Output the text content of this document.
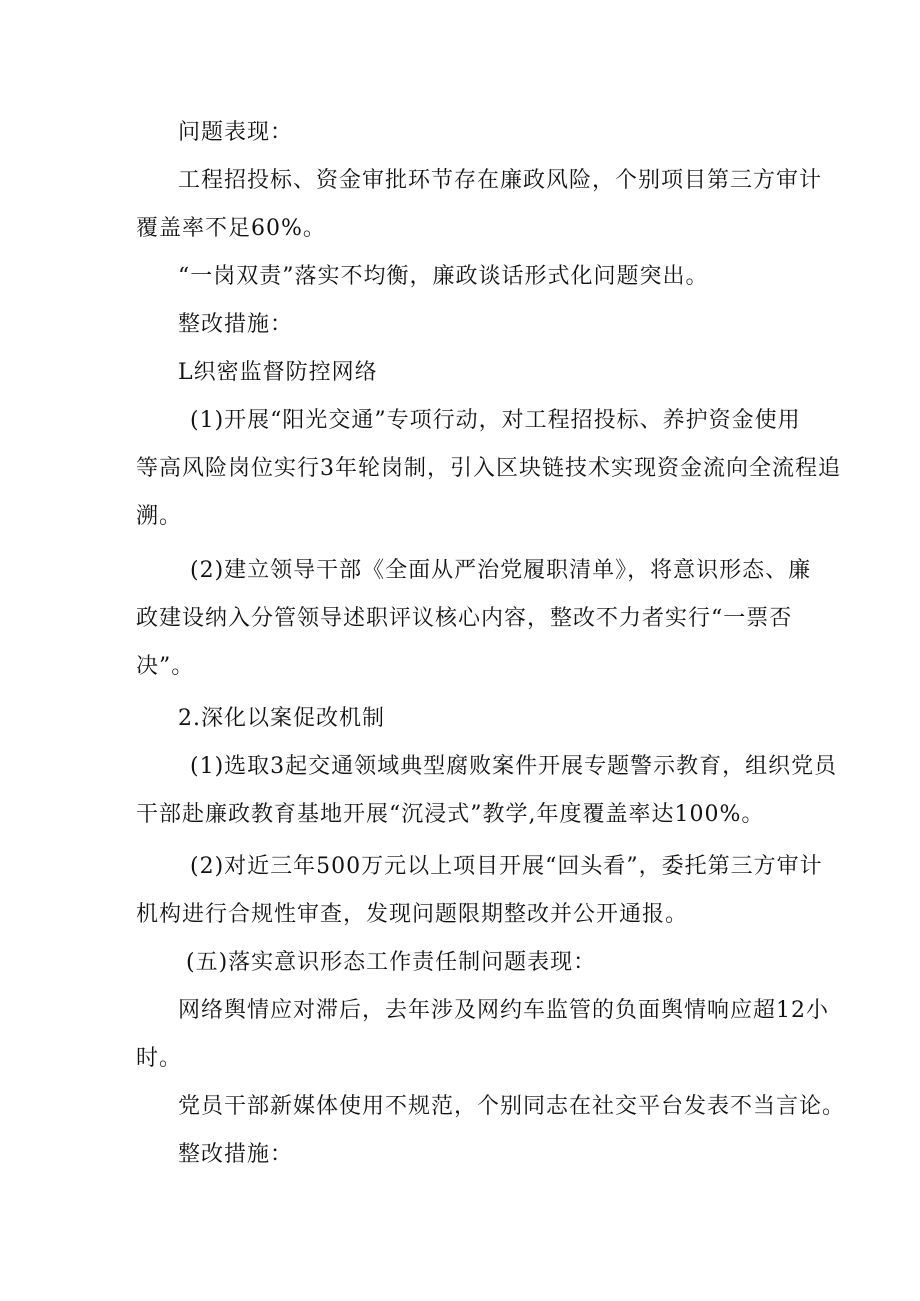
问题表现：
工程招投标、资金审批环节存在廉政风险，个别项目第三方审计
覆盖率不足60%。
“一岗双责”落实不均衡，廉政谈话形式化问题突出。
整改措施：
L织密监督防控网络
(1)开展“阳光交通”专项行动，对工程招投标、养护资金使用
等高风险岗位实行3年轮岗制，引入区块链技术实现资金流向全流程追
溯。
(2)建立领导干部《全面从严治党履职清单》，将意识形态、廉
政建设纳入分管领导述职评议核心内容，整改不力者实行“一票否
决”。
2.深化以案促改机制
(1)选取3起交通领域典型腐败案件开展专题警示教育，组织党员
干部赴廉政教育基地开展“沉浸式”教学,年度覆盖率达100%。
(2)对近三年500万元以上项目开展“回头看”，委托第三方审计
机构进行合规性审查，发现问题限期整改并公开通报。
(五)落实意识形态工作责任制问题表现：
网络舆情应对滞后，去年涉及网约车监管的负面舆情响应超12小
时。
党员干部新媒体使用不规范，个别同志在社交平台发表不当言论。
整改措施：
